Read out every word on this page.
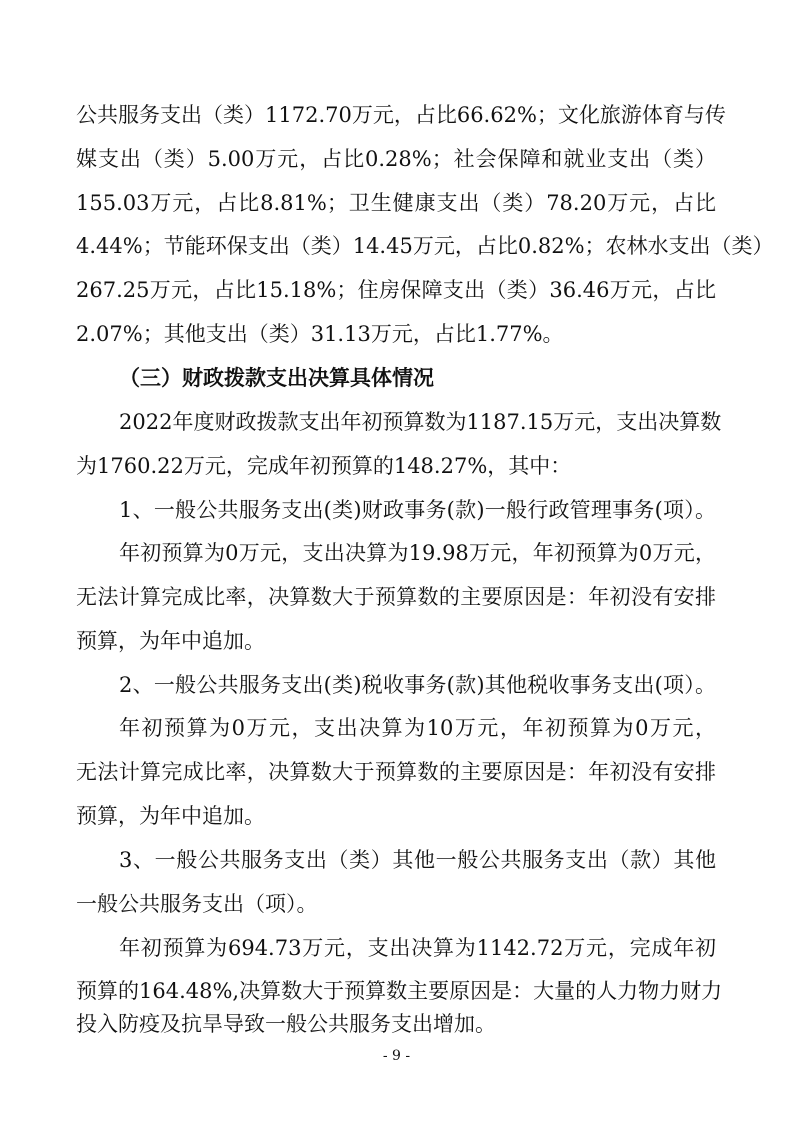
公共服务支出（类）1172.70万元，占比66.62%；文化旅游体育与传
媒支出（类）5.00万元，占比0.28%；社会保障和就业支出（类）
155.03万元，占比8.81%；卫生健康支出（类）78.20万元，占比
4.44%；节能环保支出（类）14.45万元，占比0.82%；农林水支出（类）
267.25万元，占比15.18%；住房保障支出（类）36.46万元，占比
2.07%；其他支出（类）31.13万元，占比1.77%。
（三）财政拨款支出决算具体情况
2022年度财政拨款支出年初预算数为1187.15万元，支出决算数
为1760.22万元，完成年初预算的148.27%，其中：
1、一般公共服务支出(类)财政事务(款)一般行政管理事务(项）。
年初预算为0万元，支出决算为19.98万元，年初预算为0万元，
无法计算完成比率，决算数大于预算数的主要原因是：年初没有安排
预算，为年中追加。
2、一般公共服务支出(类)税收事务(款)其他税收事务支出(项）。
年初预算为0万元，支出决算为10万元，年初预算为0万元，
无法计算完成比率，决算数大于预算数的主要原因是：年初没有安排
预算，为年中追加。
3、一般公共服务支出（类）其他一般公共服务支出（款）其他
一般公共服务支出（项）。
年初预算为694.73万元，支出决算为1142.72万元，完成年初
预算的164.48%,决算数大于预算数主要原因是：大量的人力物力财力
投入防疫及抗旱导致一般公共服务支出增加。
- 9 -
